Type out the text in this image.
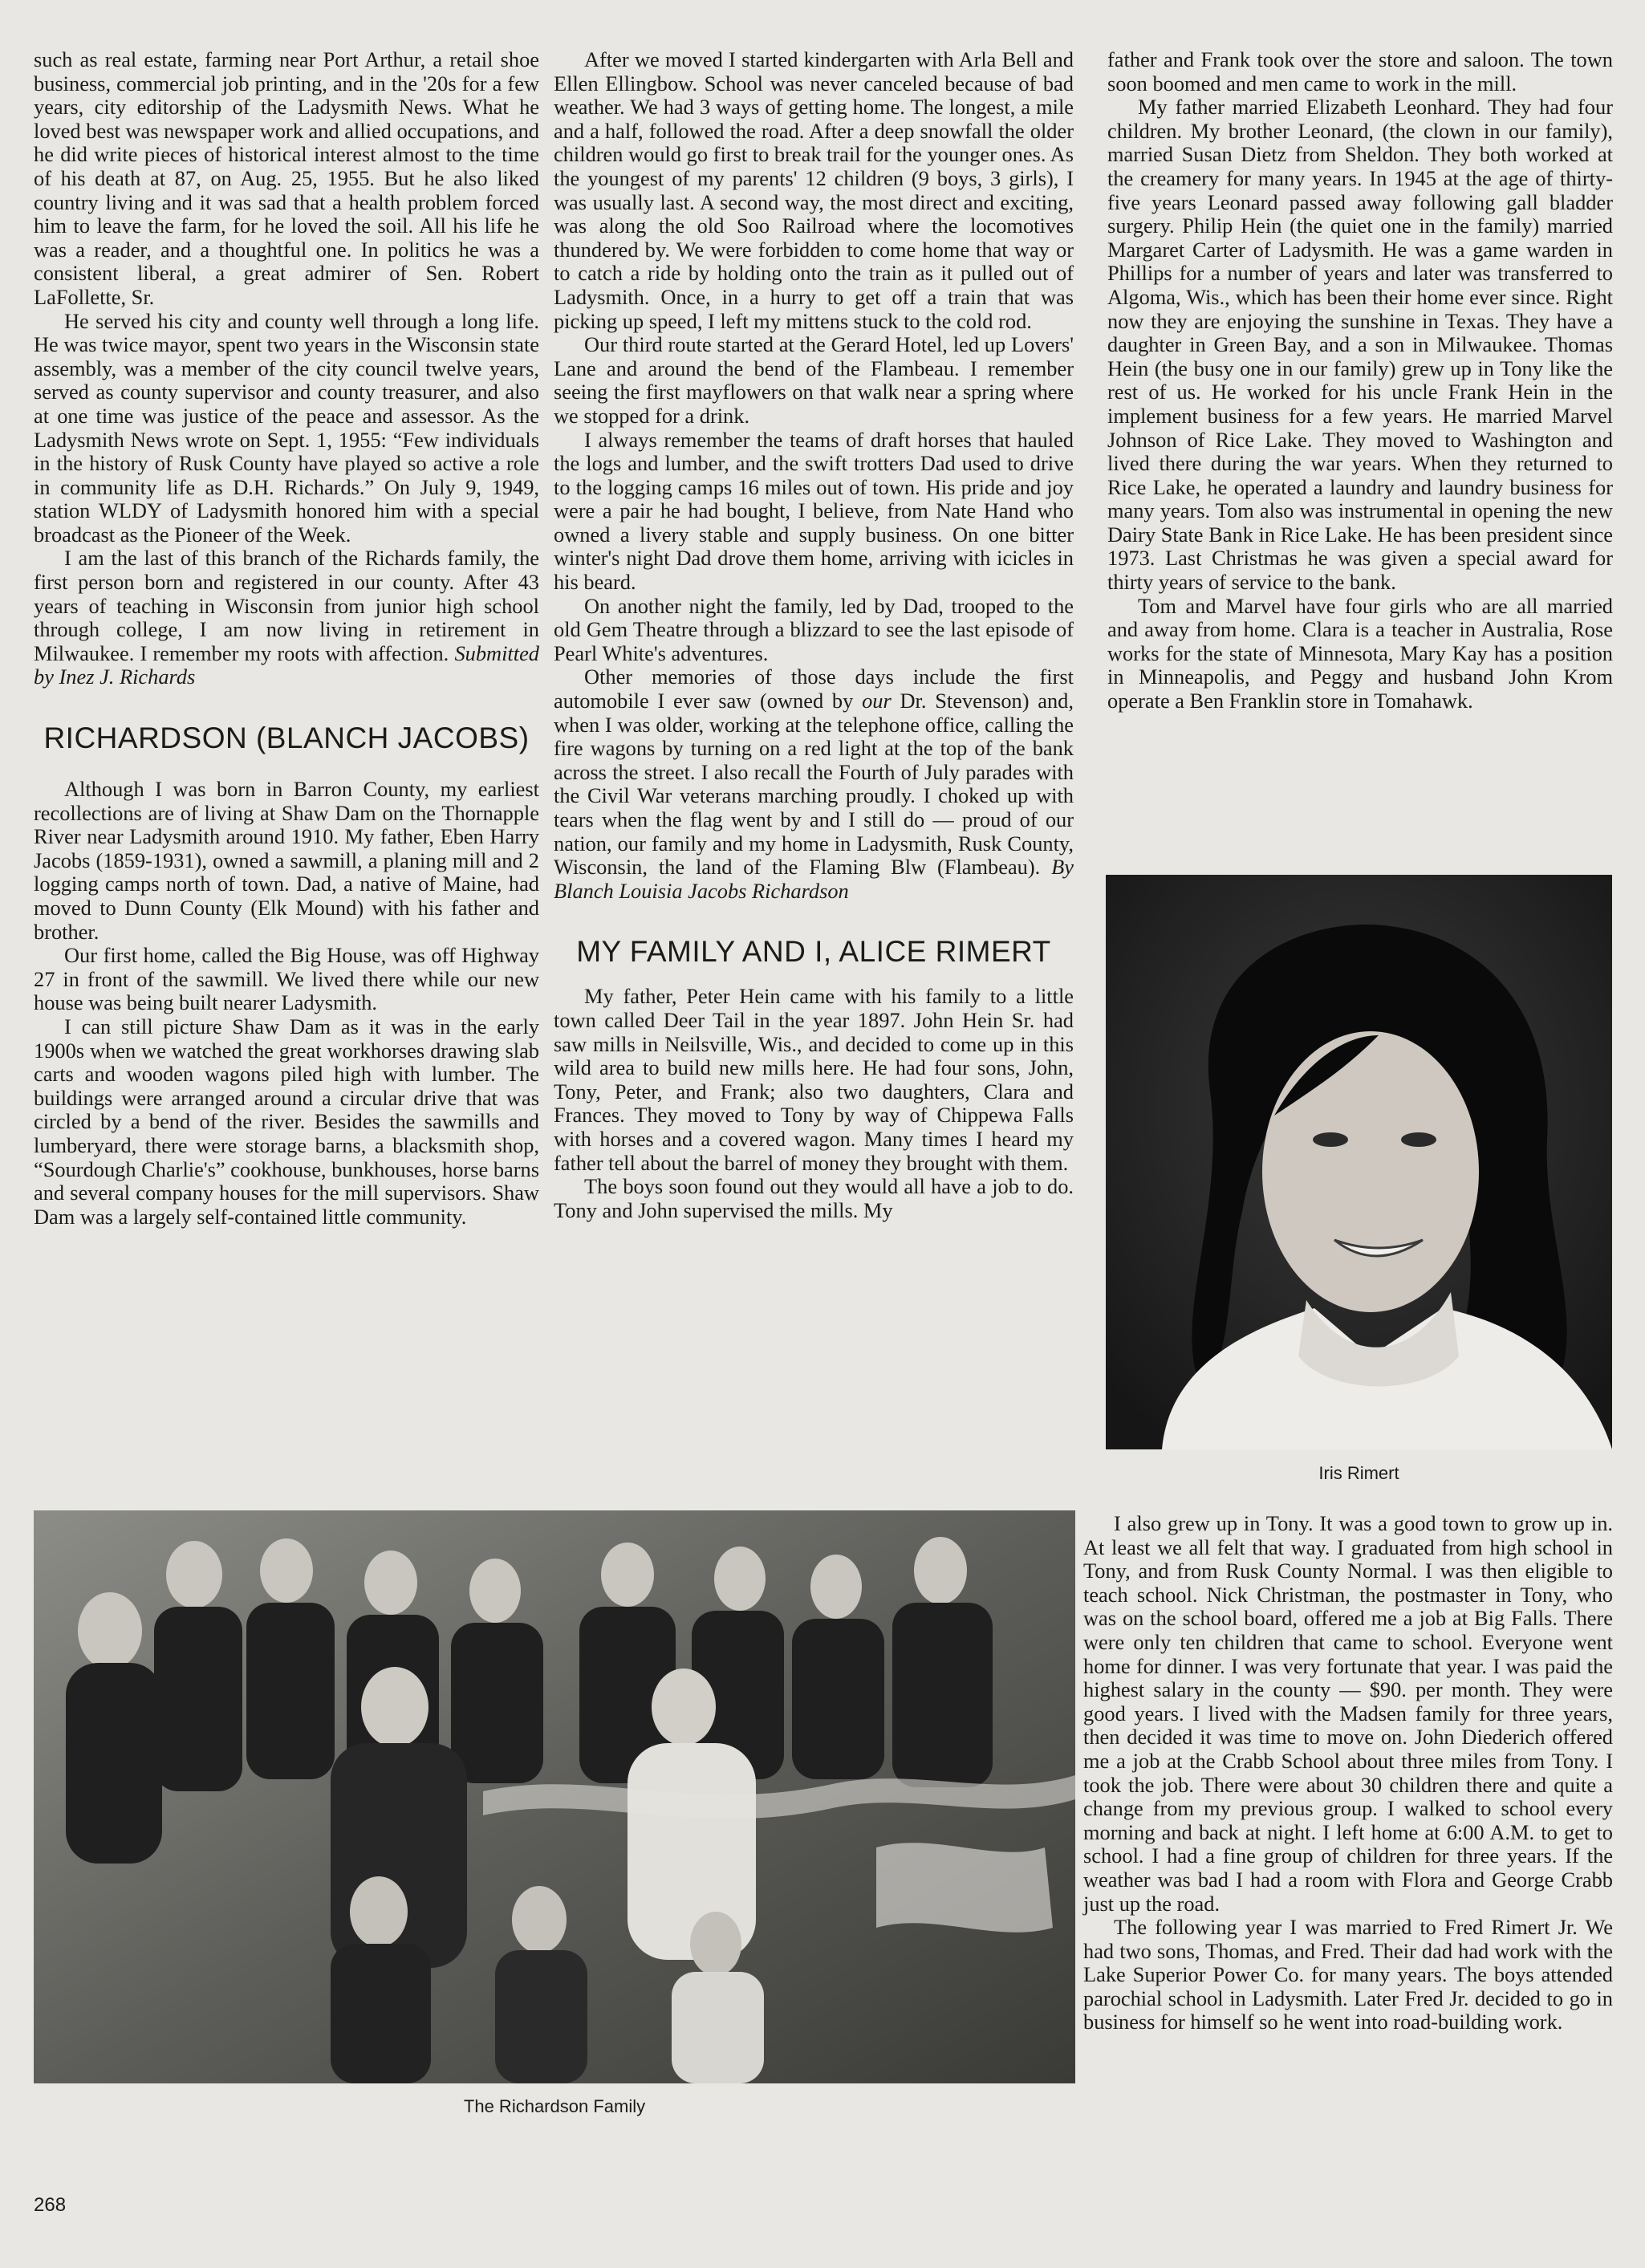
such as real estate, farming near Port Arthur, a retail shoe business, commercial job printing, and in the '20s for a few years, city editorship of the Ladysmith News. What he loved best was newspaper work and allied occupations, and he did write pieces of historical interest almost to the time of his death at 87, on Aug. 25, 1955. But he also liked country living and it was sad that a health problem forced him to leave the farm, for he loved the soil. All his life he was a reader, and a thoughtful one. In politics he was a consistent liberal, a great admirer of Sen. Robert LaFollette, Sr.

He served his city and county well through a long life. He was twice mayor, spent two years in the Wisconsin state assembly, was a member of the city council twelve years, served as county supervisor and county treasurer, and also at one time was justice of the peace and assessor. As the Ladysmith News wrote on Sept. 1, 1955: “Few individuals in the history of Rusk County have played so active a role in community life as D.H. Richards.” On July 9, 1949, station WLDY of Ladysmith honored him with a special broadcast as the Pioneer of the Week.

I am the last of this branch of the Richards family, the first person born and registered in our county. After 43 years of teaching in Wisconsin from junior high school through college, I am now living in retirement in Milwaukee. I remember my roots with affection. Submitted by Inez J. Richards

RICHARDSON (BLANCH JACOBS)

Although I was born in Barron County, my earliest recollections are of living at Shaw Dam on the Thornapple River near Ladysmith around 1910. My father, Eben Harry Jacobs (1859-1931), owned a sawmill, a planing mill and 2 logging camps north of town. Dad, a native of Maine, had moved to Dunn County (Elk Mound) with his father and brother.

Our first home, called the Big House, was off Highway 27 in front of the sawmill. We lived there while our new house was being built nearer Ladysmith.

I can still picture Shaw Dam as it was in the early 1900s when we watched the great workhorses drawing slab carts and wooden wagons piled high with lumber. The buildings were arranged around a circular drive that was circled by a bend of the river. Besides the sawmills and lumberyard, there were storage barns, a blacksmith shop, “Sourdough Charlie's” cookhouse, bunkhouses, horse barns and several company houses for the mill supervisors. Shaw Dam was a largely self-contained little community.

After we moved I started kindergarten with Arla Bell and Ellen Ellingbow. School was never canceled because of bad weather. We had 3 ways of getting home. The longest, a mile and a half, followed the road. After a deep snowfall the older children would go first to break trail for the younger ones. As the youngest of my parents' 12 children (9 boys, 3 girls), I was usually last. A second way, the most direct and exciting, was along the old Soo Railroad where the locomotives thundered by. We were forbidden to come home that way or to catch a ride by holding onto the train as it pulled out of Ladysmith. Once, in a hurry to get off a train that was picking up speed, I left my mittens stuck to the cold rod.

Our third route started at the Gerard Hotel, led up Lovers' Lane and around the bend of the Flambeau. I remember seeing the first mayflowers on that walk near a spring where we stopped for a drink.

I always remember the teams of draft horses that hauled the logs and lumber, and the swift trotters Dad used to drive to the logging camps 16 miles out of town. His pride and joy were a pair he had bought, I believe, from Nate Hand who owned a livery stable and supply business. On one bitter winter's night Dad drove them home, arriving with icicles in his beard.

On another night the family, led by Dad, trooped to the old Gem Theatre through a blizzard to see the last episode of Pearl White's adventures.

Other memories of those days include the first automobile I ever saw (owned by our Dr. Stevenson) and, when I was older, working at the telephone office, calling the fire wagons by turning on a red light at the top of the bank across the street. I also recall the Fourth of July parades with the Civil War veterans marching proudly. I choked up with tears when the flag went by and I still do — proud of our nation, our family and my home in Ladysmith, Rusk County, Wisconsin, the land of the Flaming Blw (Flambeau). By Blanch Louisia Jacobs Richardson

MY FAMILY AND I, ALICE RIMERT

My father, Peter Hein came with his family to a little town called Deer Tail in the year 1897. John Hein Sr. had saw mills in Neilsville, Wis., and decided to come up in this wild area to build new mills here. He had four sons, John, Tony, Peter, and Frank; also two daughters, Clara and Frances. They moved to Tony by way of Chippewa Falls with horses and a covered wagon. Many times I heard my father tell about the barrel of money they brought with them.

The boys soon found out they would all have a job to do. Tony and John supervised the mills. My

father and Frank took over the store and saloon. The town soon boomed and men came to work in the mill.

My father married Elizabeth Leonhard. They had four children. My brother Leonard, (the clown in our family), married Susan Dietz from Sheldon. They both worked at the creamery for many years. In 1945 at the age of thirty-five years Leonard passed away following gall bladder surgery. Philip Hein (the quiet one in the family) married Margaret Carter of Ladysmith. He was a game warden in Phillips for a number of years and later was transferred to Algoma, Wis., which has been their home ever since. Right now they are enjoying the sunshine in Texas. They have a daughter in Green Bay, and a son in Milwaukee. Thomas Hein (the busy one in our family) grew up in Tony like the rest of us. He worked for his uncle Frank Hein in the implement business for a few years. He married Marvel Johnson of Rice Lake. They moved to Washington and lived there during the war years. When they returned to Rice Lake, he operated a laundry and laundry business for many years. Tom also was instrumental in opening the new Dairy State Bank in Rice Lake. He has been president since 1973. Last Christmas he was given a special award for thirty years of service to the bank.

Tom and Marvel have four girls who are all married and away from home. Clara is a teacher in Australia, Rose works for the state of Minnesota, Mary Kay has a position in Minneapolis, and Peggy and husband John Krom operate a Ben Franklin store in Tomahawk.

Iris Rimert

I also grew up in Tony. It was a good town to grow up in. At least we all felt that way. I graduated from high school in Tony, and from Rusk County Normal. I was then eligible to teach school. Nick Christman, the postmaster in Tony, who was on the school board, offered me a job at Big Falls. There were only ten children that came to school. Everyone went home for dinner. I was very fortunate that year. I was paid the highest salary in the county — $90. per month. They were good years. I lived with the Madsen family for three years, then decided it was time to move on. John Diederich offered me a job at the Crabb School about three miles from Tony. I took the job. There were about 30 children there and quite a change from my previous group. I walked to school every morning and back at night. I left home at 6:00 A.M. to get to school. I had a fine group of children for three years. If the weather was bad I had a room with Flora and George Crabb just up the road.

The following year I was married to Fred Rimert Jr. We had two sons, Thomas, and Fred. Their dad had work with the Lake Superior Power Co. for many years. The boys attended parochial school in Ladysmith. Later Fred Jr. decided to go in business for himself so he went into road-building work.

The Richardson Family
268
